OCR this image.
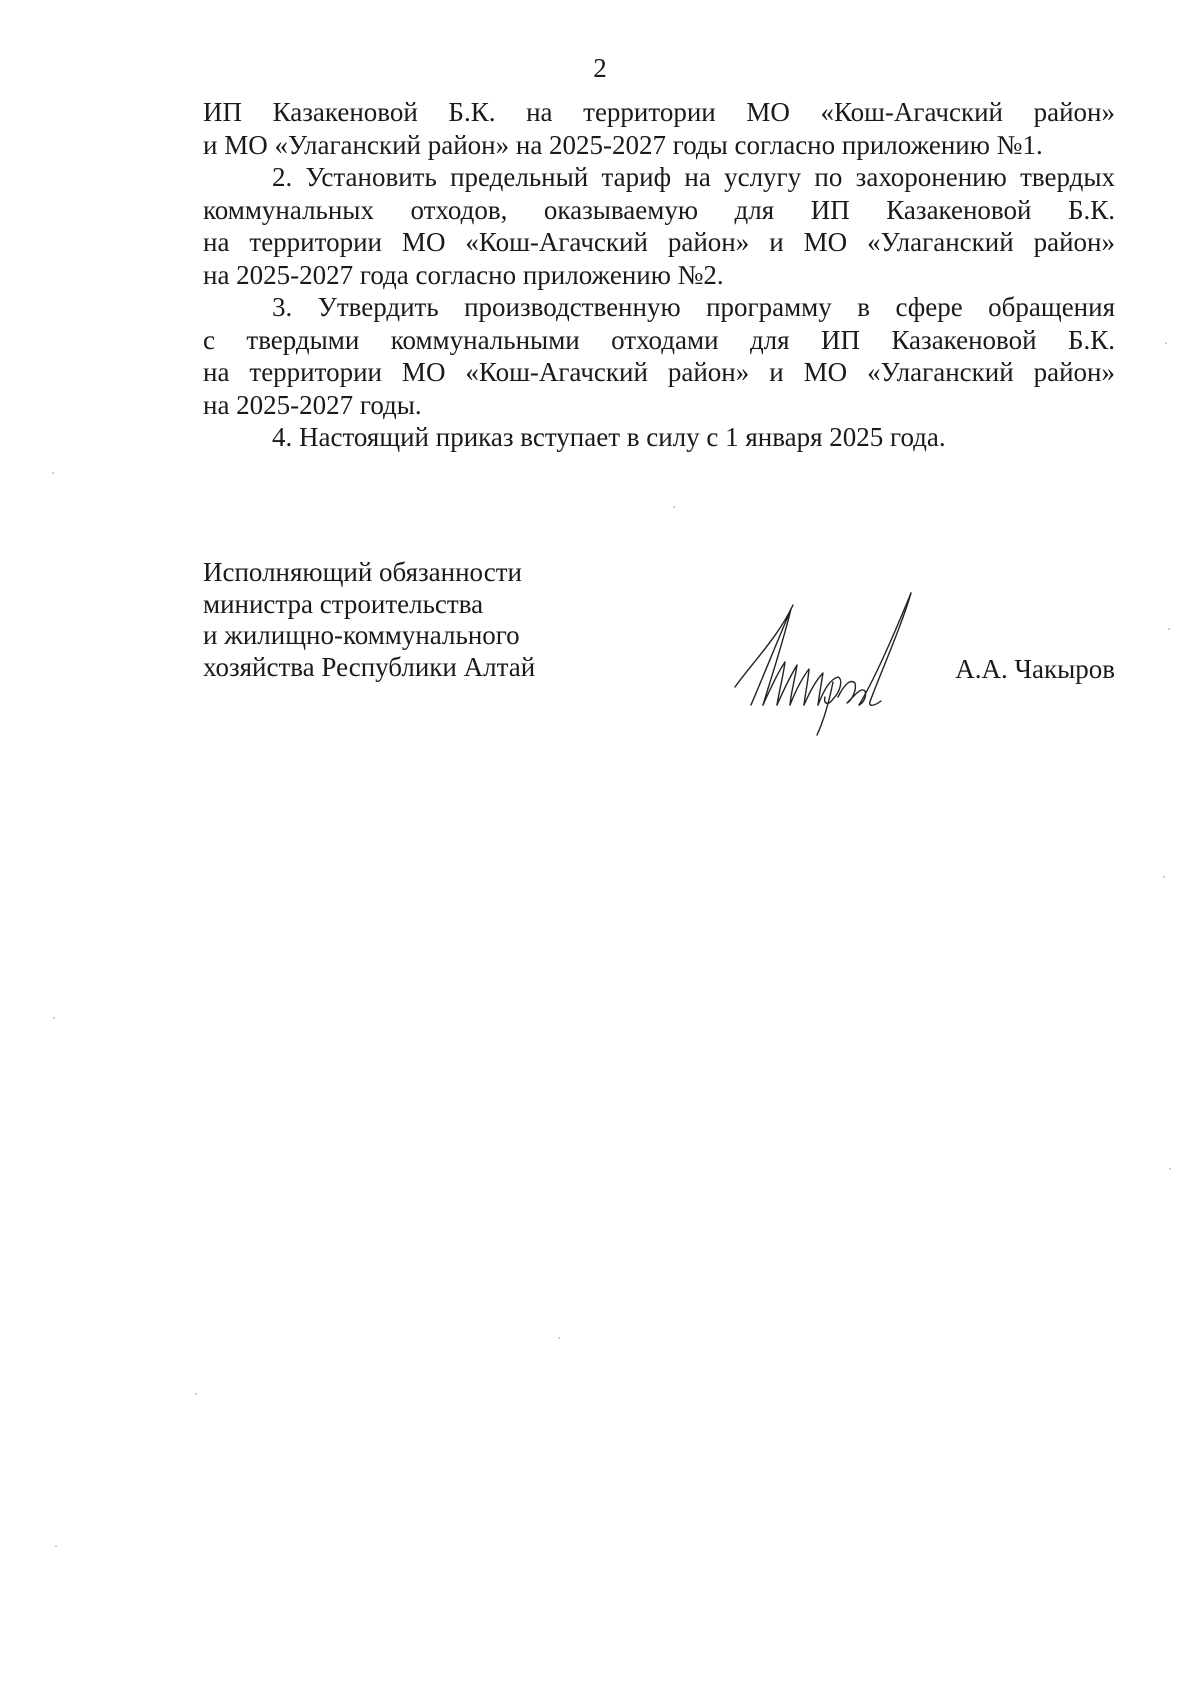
2

ИП Казакеновой Б.К. на территории МО «Кош-Агачский район»
и МО «Улаганский район» на 2025-2027 годы согласно приложению №1.

2. Установить предельный тариф на услугу по захоронению твердых
коммунальных отходов, оказываемую для ИП Казакеновой Б.К.
на территории МО «Кош-Агачский район» и МО «Улаганский район»
на 2025-2027 года согласно приложению №2.

3. Утвердить производственную программу в сфере обращения
с твердыми коммунальными отходами для ИП Казакеновой Б.К.
на территории МО «Кош-Агачский район» и МО «Улаганский район»
на 2025-2027 годы.

4. Настоящий приказ вступает в силу с 1 января 2025 года.

Исполняющий обязанности
министра строительства
и жилищно-коммунального
хозяйства Республики Алтай	А.А. Чакыров
